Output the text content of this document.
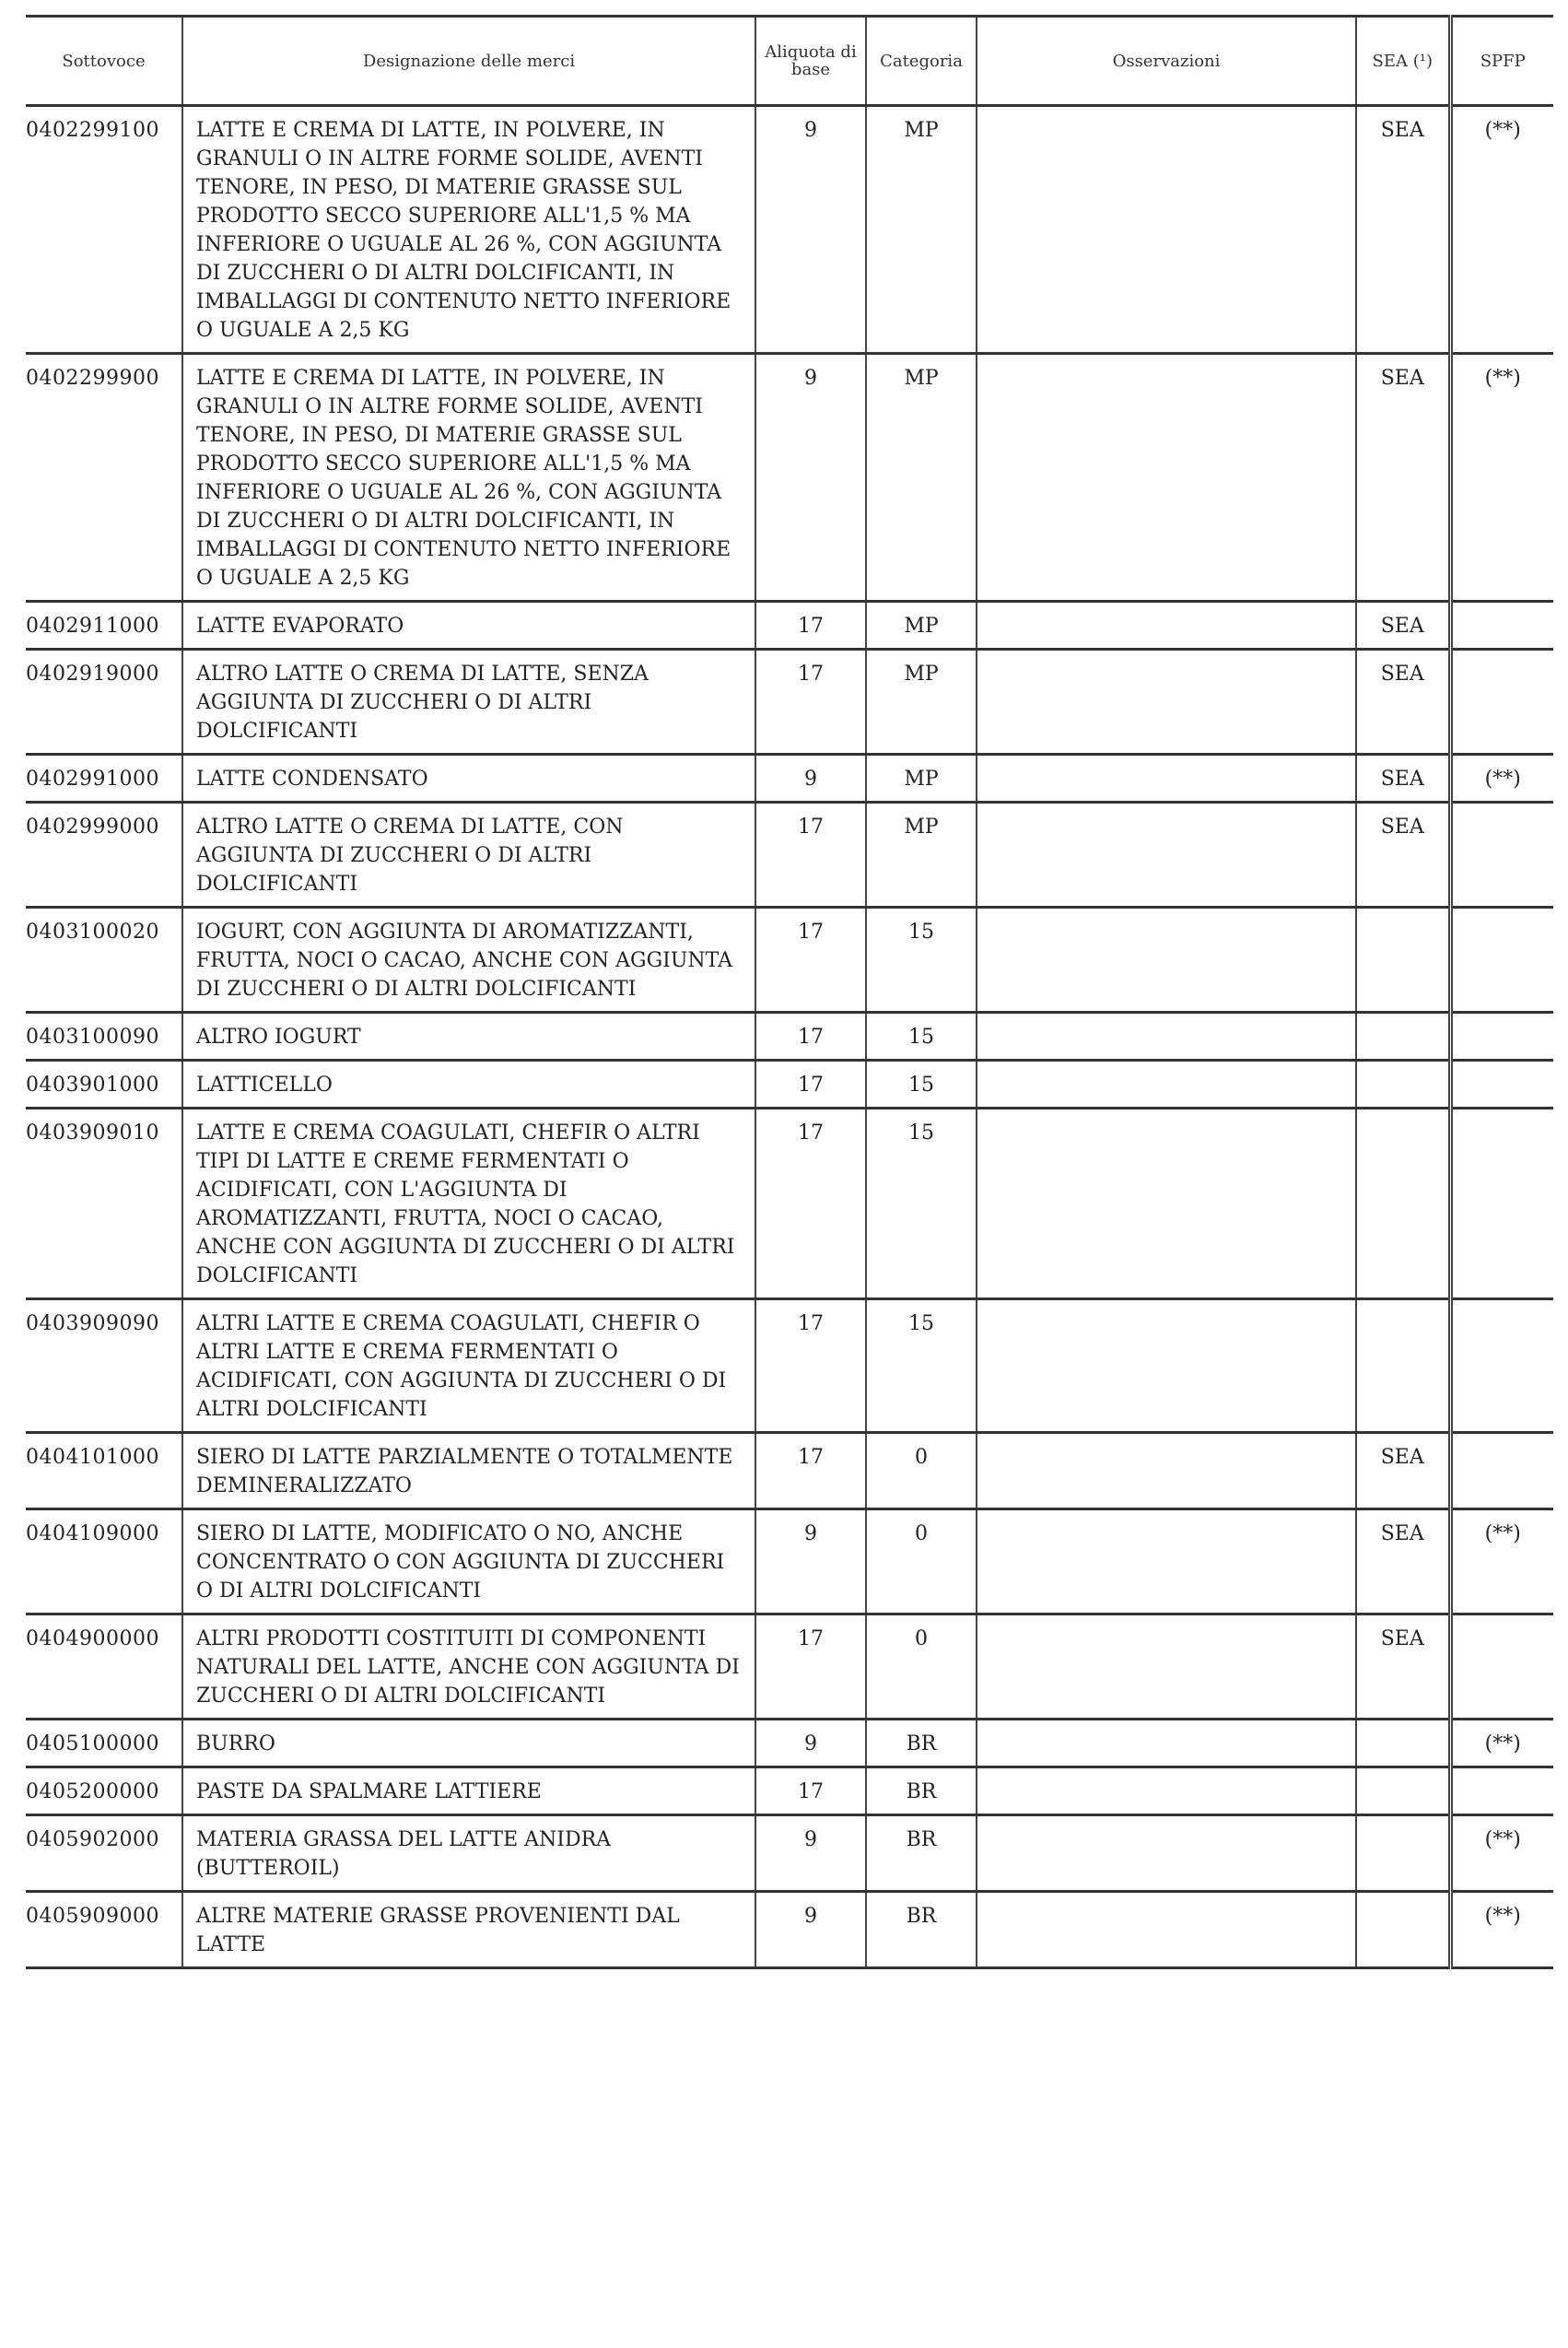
Sottovoce	Designazione delle merci	Aliquota di base	Categoria	Osservazioni	SEA (¹)	SPFP
0402299100	LATTE E CREMA DI LATTE, IN POLVERE, IN GRANULI O IN ALTRE FORME SOLIDE, AVENTI TENORE, IN PESO, DI MATERIE GRASSE SUL PRODOTTO SECCO SUPERIORE ALL'1,5 % MA INFERIORE O UGUALE AL 26 %, CON AGGIUNTA DI ZUCCHERI O DI ALTRI DOLCIFICANTI, IN IMBALLAGGI DI CONTENUTO NETTO INFERIORE O UGUALE A 2,5 KG	9	MP		SEA	(**)
0402299900	LATTE E CREMA DI LATTE, IN POLVERE, IN GRANULI O IN ALTRE FORME SOLIDE, AVENTI TENORE, IN PESO, DI MATERIE GRASSE SUL PRODOTTO SECCO SUPERIORE ALL'1,5 % MA INFERIORE O UGUALE AL 26 %, CON AGGIUNTA DI ZUCCHERI O DI ALTRI DOLCIFICANTI, IN IMBALLAGGI DI CONTENUTO NETTO INFERIORE O UGUALE A 2,5 KG	9	MP		SEA	(**)
0402911000	LATTE EVAPORATO	17	MP		SEA	
0402919000	ALTRO LATTE O CREMA DI LATTE, SENZA AGGIUNTA DI ZUCCHERI O DI ALTRI DOLCIFICANTI	17	MP		SEA	
0402991000	LATTE CONDENSATO	9	MP		SEA	(**)
0402999000	ALTRO LATTE O CREMA DI LATTE, CON AGGIUNTA DI ZUCCHERI O DI ALTRI DOLCIFICANTI	17	MP		SEA	
0403100020	IOGURT, CON AGGIUNTA DI AROMATIZZANTI, FRUTTA, NOCI O CACAO, ANCHE CON AGGIUNTA DI ZUCCHERI O DI ALTRI DOLCIFICANTI	17	15			
0403100090	ALTRO IOGURT	17	15			
0403901000	LATTICELLO	17	15			
0403909010	LATTE E CREMA COAGULATI, CHEFIR O ALTRI TIPI DI LATTE E CREME FERMENTATI O ACIDIFICATI, CON L'AGGIUNTA DI AROMATIZZANTI, FRUTTA, NOCI O CACAO, ANCHE CON AGGIUNTA DI ZUCCHERI O DI ALTRI DOLCIFICANTI	17	15			
0403909090	ALTRI LATTE E CREMA COAGULATI, CHEFIR O ALTRI LATTE E CREMA FERMENTATI O ACIDIFICATI, CON AGGIUNTA DI ZUCCHERI O DI ALTRI DOLCIFICANTI	17	15			
0404101000	SIERO DI LATTE PARZIALMENTE O TOTALMENTE DEMINERALIZZATO	17	0		SEA	
0404109000	SIERO DI LATTE, MODIFICATO O NO, ANCHE CONCENTRATO O CON AGGIUNTA DI ZUCCHERI O DI ALTRI DOLCIFICANTI	9	0		SEA	(**)
0404900000	ALTRI PRODOTTI COSTITUITI DI COMPONENTI NATURALI DEL LATTE, ANCHE CON AGGIUNTA DI ZUCCHERI O DI ALTRI DOLCIFICANTI	17	0		SEA	
0405100000	BURRO	9	BR			(**)
0405200000	PASTE DA SPALMARE LATTIERE	17	BR			
0405902000	MATERIA GRASSA DEL LATTE ANIDRA (BUTTEROIL)	9	BR			(**)
0405909000	ALTRE MATERIE GRASSE PROVENIENTI DAL LATTE	9	BR			(**)
